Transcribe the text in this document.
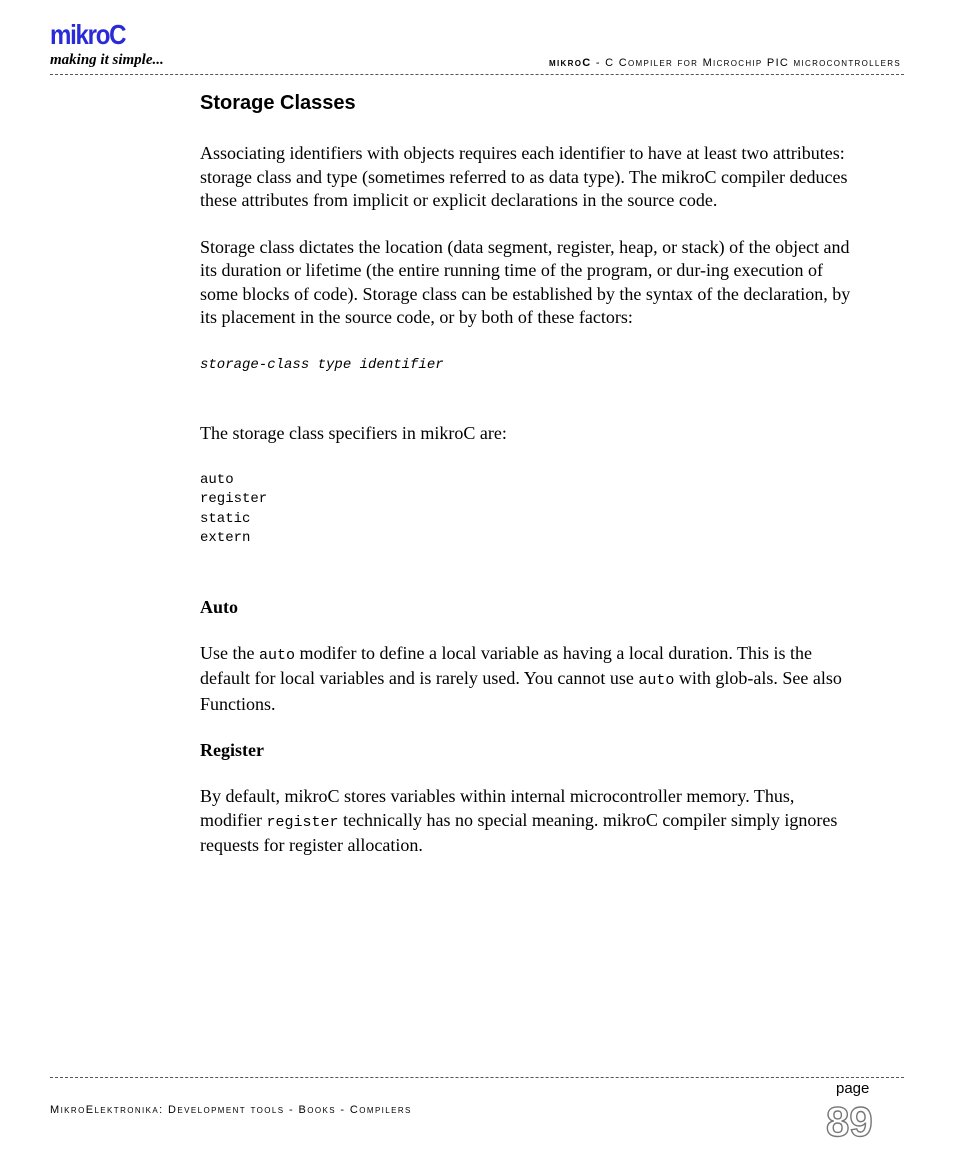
mikroC
making it simple...	mikroC - C Compiler for Microchip PIC microcontrollers
Storage Classes

Associating identifiers with objects requires each identifier to have at least two attributes: storage class and type (sometimes referred to as data type). The mikroC compiler deduces these attributes from implicit or explicit declarations in the source code.

Storage class dictates the location (data segment, register, heap, or stack) of the object and its duration or lifetime (the entire running time of the program, or dur-ing execution of some blocks of code). Storage class can be established by the syntax of the declaration, by its placement in the source code, or by both of these factors:

storage-class type identifier

The storage class specifiers in mikroC are:

auto

register

static

extern

Auto

Use the auto modifer to define a local variable as having a local duration. This is the default for local variables and is rarely used. You cannot use auto with glob-als. See also Functions.

Register

By default, mikroC stores variables within internal microcontroller memory. Thus, modifier register technically has no special meaning. mikroC compiler simply ignores requests for register allocation.

MikroElektronika: Development tools - Books - Compilers
page
89
